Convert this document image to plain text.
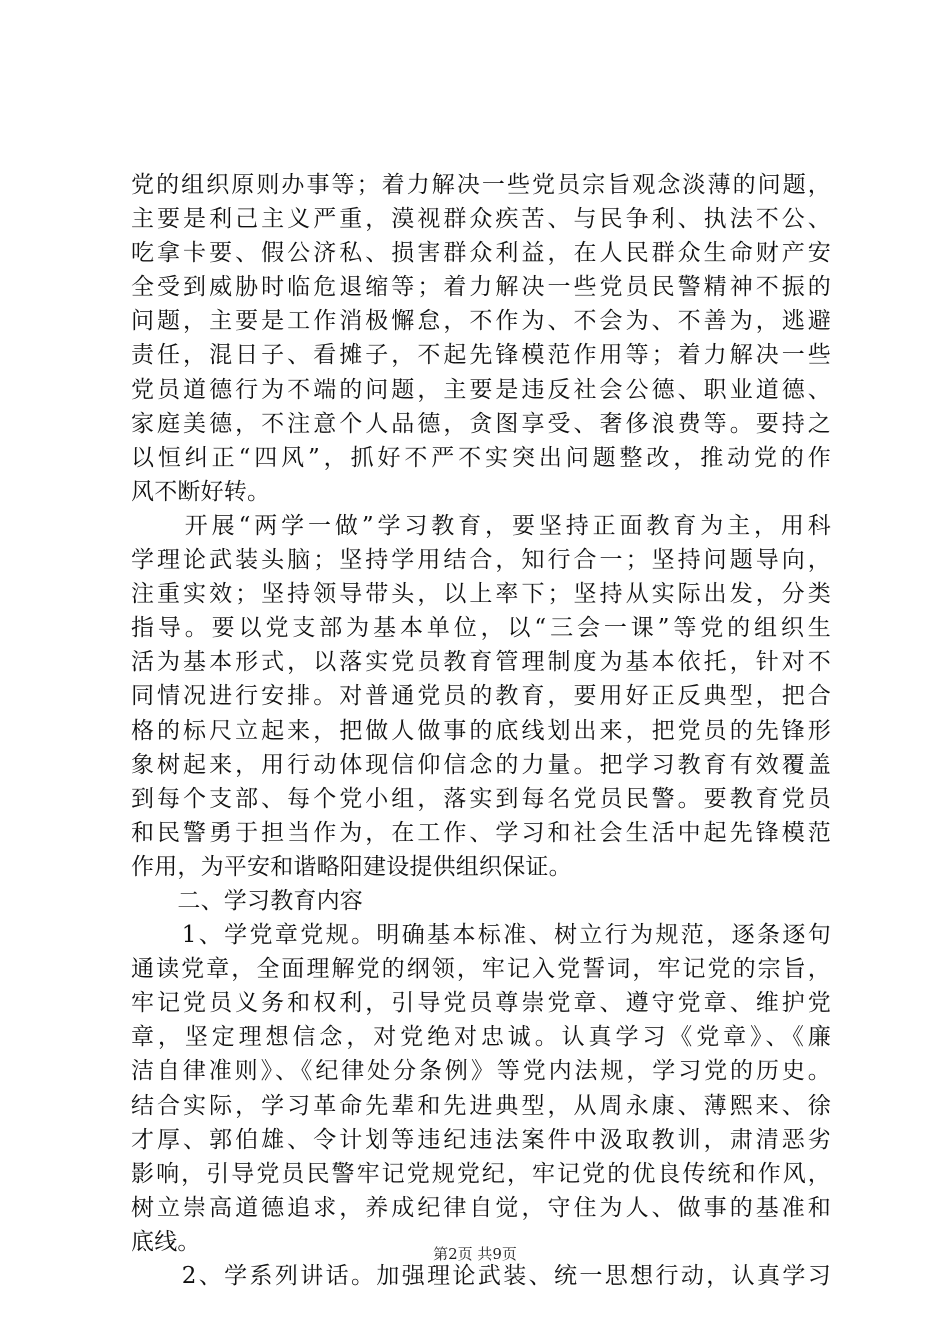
党的组织原则办事等；着力解决一些党员宗旨观念淡薄的问题，
主要是利己主义严重，漠视群众疾苦、与民争利、执法不公、
吃拿卡要、假公济私、损害群众利益，在人民群众生命财产安
全受到威胁时临危退缩等；着力解决一些党员民警精神不振的
问题，主要是工作消极懈怠，不作为、不会为、不善为，逃避
责任，混日子、看摊子，不起先锋模范作用等；着力解决一些
党员道德行为不端的问题，主要是违反社会公德、职业道德、
家庭美德，不注意个人品德，贪图享受、奢侈浪费等。要持之
以恒纠正“四风”，抓好不严不实突出问题整改，推动党的作
风不断好转。
　　开展“两学一做”学习教育，要坚持正面教育为主，用科
学理论武装头脑；坚持学用结合，知行合一；坚持问题导向，
注重实效；坚持领导带头，以上率下；坚持从实际出发，分类
指导。要以党支部为基本单位，以“三会一课”等党的组织生
活为基本形式，以落实党员教育管理制度为基本依托，针对不
同情况进行安排。对普通党员的教育，要用好正反典型，把合
格的标尺立起来，把做人做事的底线划出来，把党员的先锋形
象树起来，用行动体现信仰信念的力量。把学习教育有效覆盖
到每个支部、每个党小组，落实到每名党员民警。要教育党员
和民警勇于担当作为，在工作、学习和社会生活中起先锋模范
作用，为平安和谐略阳建设提供组织保证。
　　二、学习教育内容
　　1、学党章党规。明确基本标准、树立行为规范，逐条逐句
通读党章，全面理解党的纲领，牢记入党誓词，牢记党的宗旨，
牢记党员义务和权利，引导党员尊崇党章、遵守党章、维护党
章，坚定理想信念，对党绝对忠诚。认真学习《党章》、《廉
洁自律准则》、《纪律处分条例》等党内法规，学习党的历史。
结合实际，学习革命先辈和先进典型，从周永康、薄熙来、徐
才厚、郭伯雄、令计划等违纪违法案件中汲取教训，肃清恶劣
影响，引导党员民警牢记党规党纪，牢记党的优良传统和作风，
树立崇高道德追求，养成纪律自觉，守住为人、做事的基准和
底线。
　　2、学系列讲话。加强理论武装、统一思想行动，认真学习
第2页 共9页
